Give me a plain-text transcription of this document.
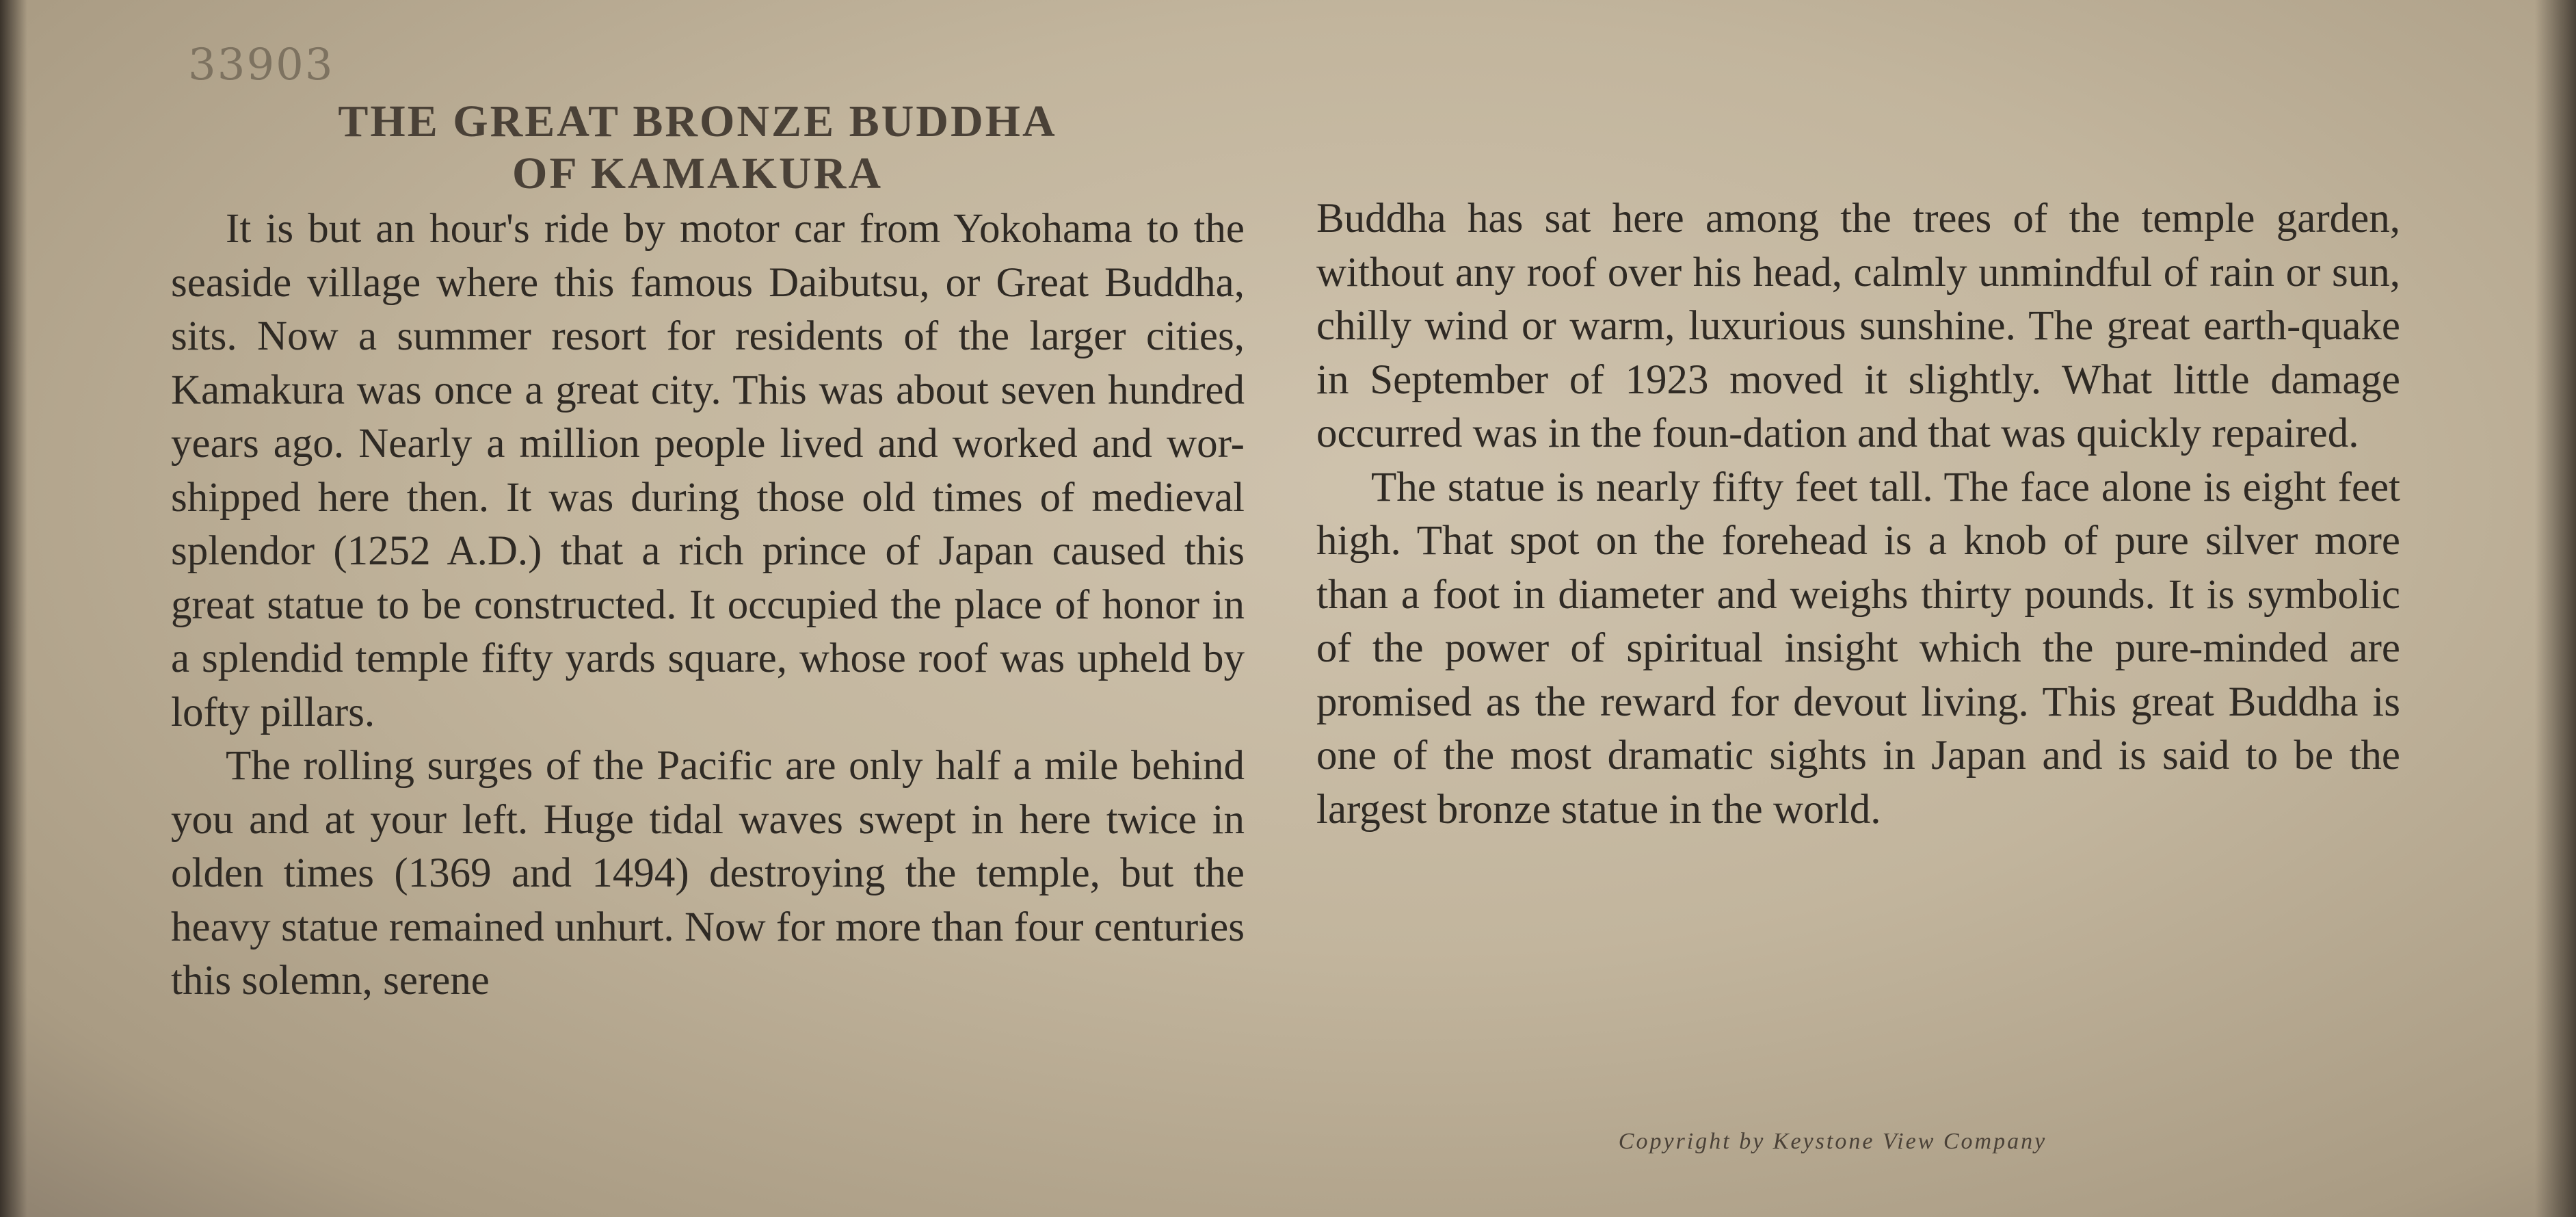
33903
THE GREAT BRONZE BUDDHA
OF KAMAKURA

It is but an hour's ride by motor car from Yokohama to the seaside village where this famous Daibutsu, or Great Buddha, sits. Now a summer resort for residents of the larger cities, Kamakura was once a great city. This was about seven hundred years ago. Nearly a million people lived and worked and wor-shipped here then. It was during those old times of medieval splendor (1252 A.D.) that a rich prince of Japan caused this great statue to be constructed. It occupied the place of honor in a splendid temple fifty yards square, whose roof was upheld by lofty pillars.

The rolling surges of the Pacific are only half a mile behind you and at your left. Huge tidal waves swept in here twice in olden times (1369 and 1494) destroying the temple, but the heavy statue remained unhurt. Now for more than four centuries this solemn, serene

Buddha has sat here among the trees of the temple garden, without any roof over his head, calmly unmindful of rain or sun, chilly wind or warm, luxurious sunshine. The great earth-quake in September of 1923 moved it slightly. What little damage occurred was in the foun-dation and that was quickly repaired.

The statue is nearly fifty feet tall. The face alone is eight feet high. That spot on the forehead is a knob of pure silver more than a foot in diameter and weighs thirty pounds. It is symbolic of the power of spiritual insight which the pure-minded are promised as the reward for devout living. This great Buddha is one of the most dramatic sights in Japan and is said to be the largest bronze statue in the world.

Copyright by Keystone View Company
